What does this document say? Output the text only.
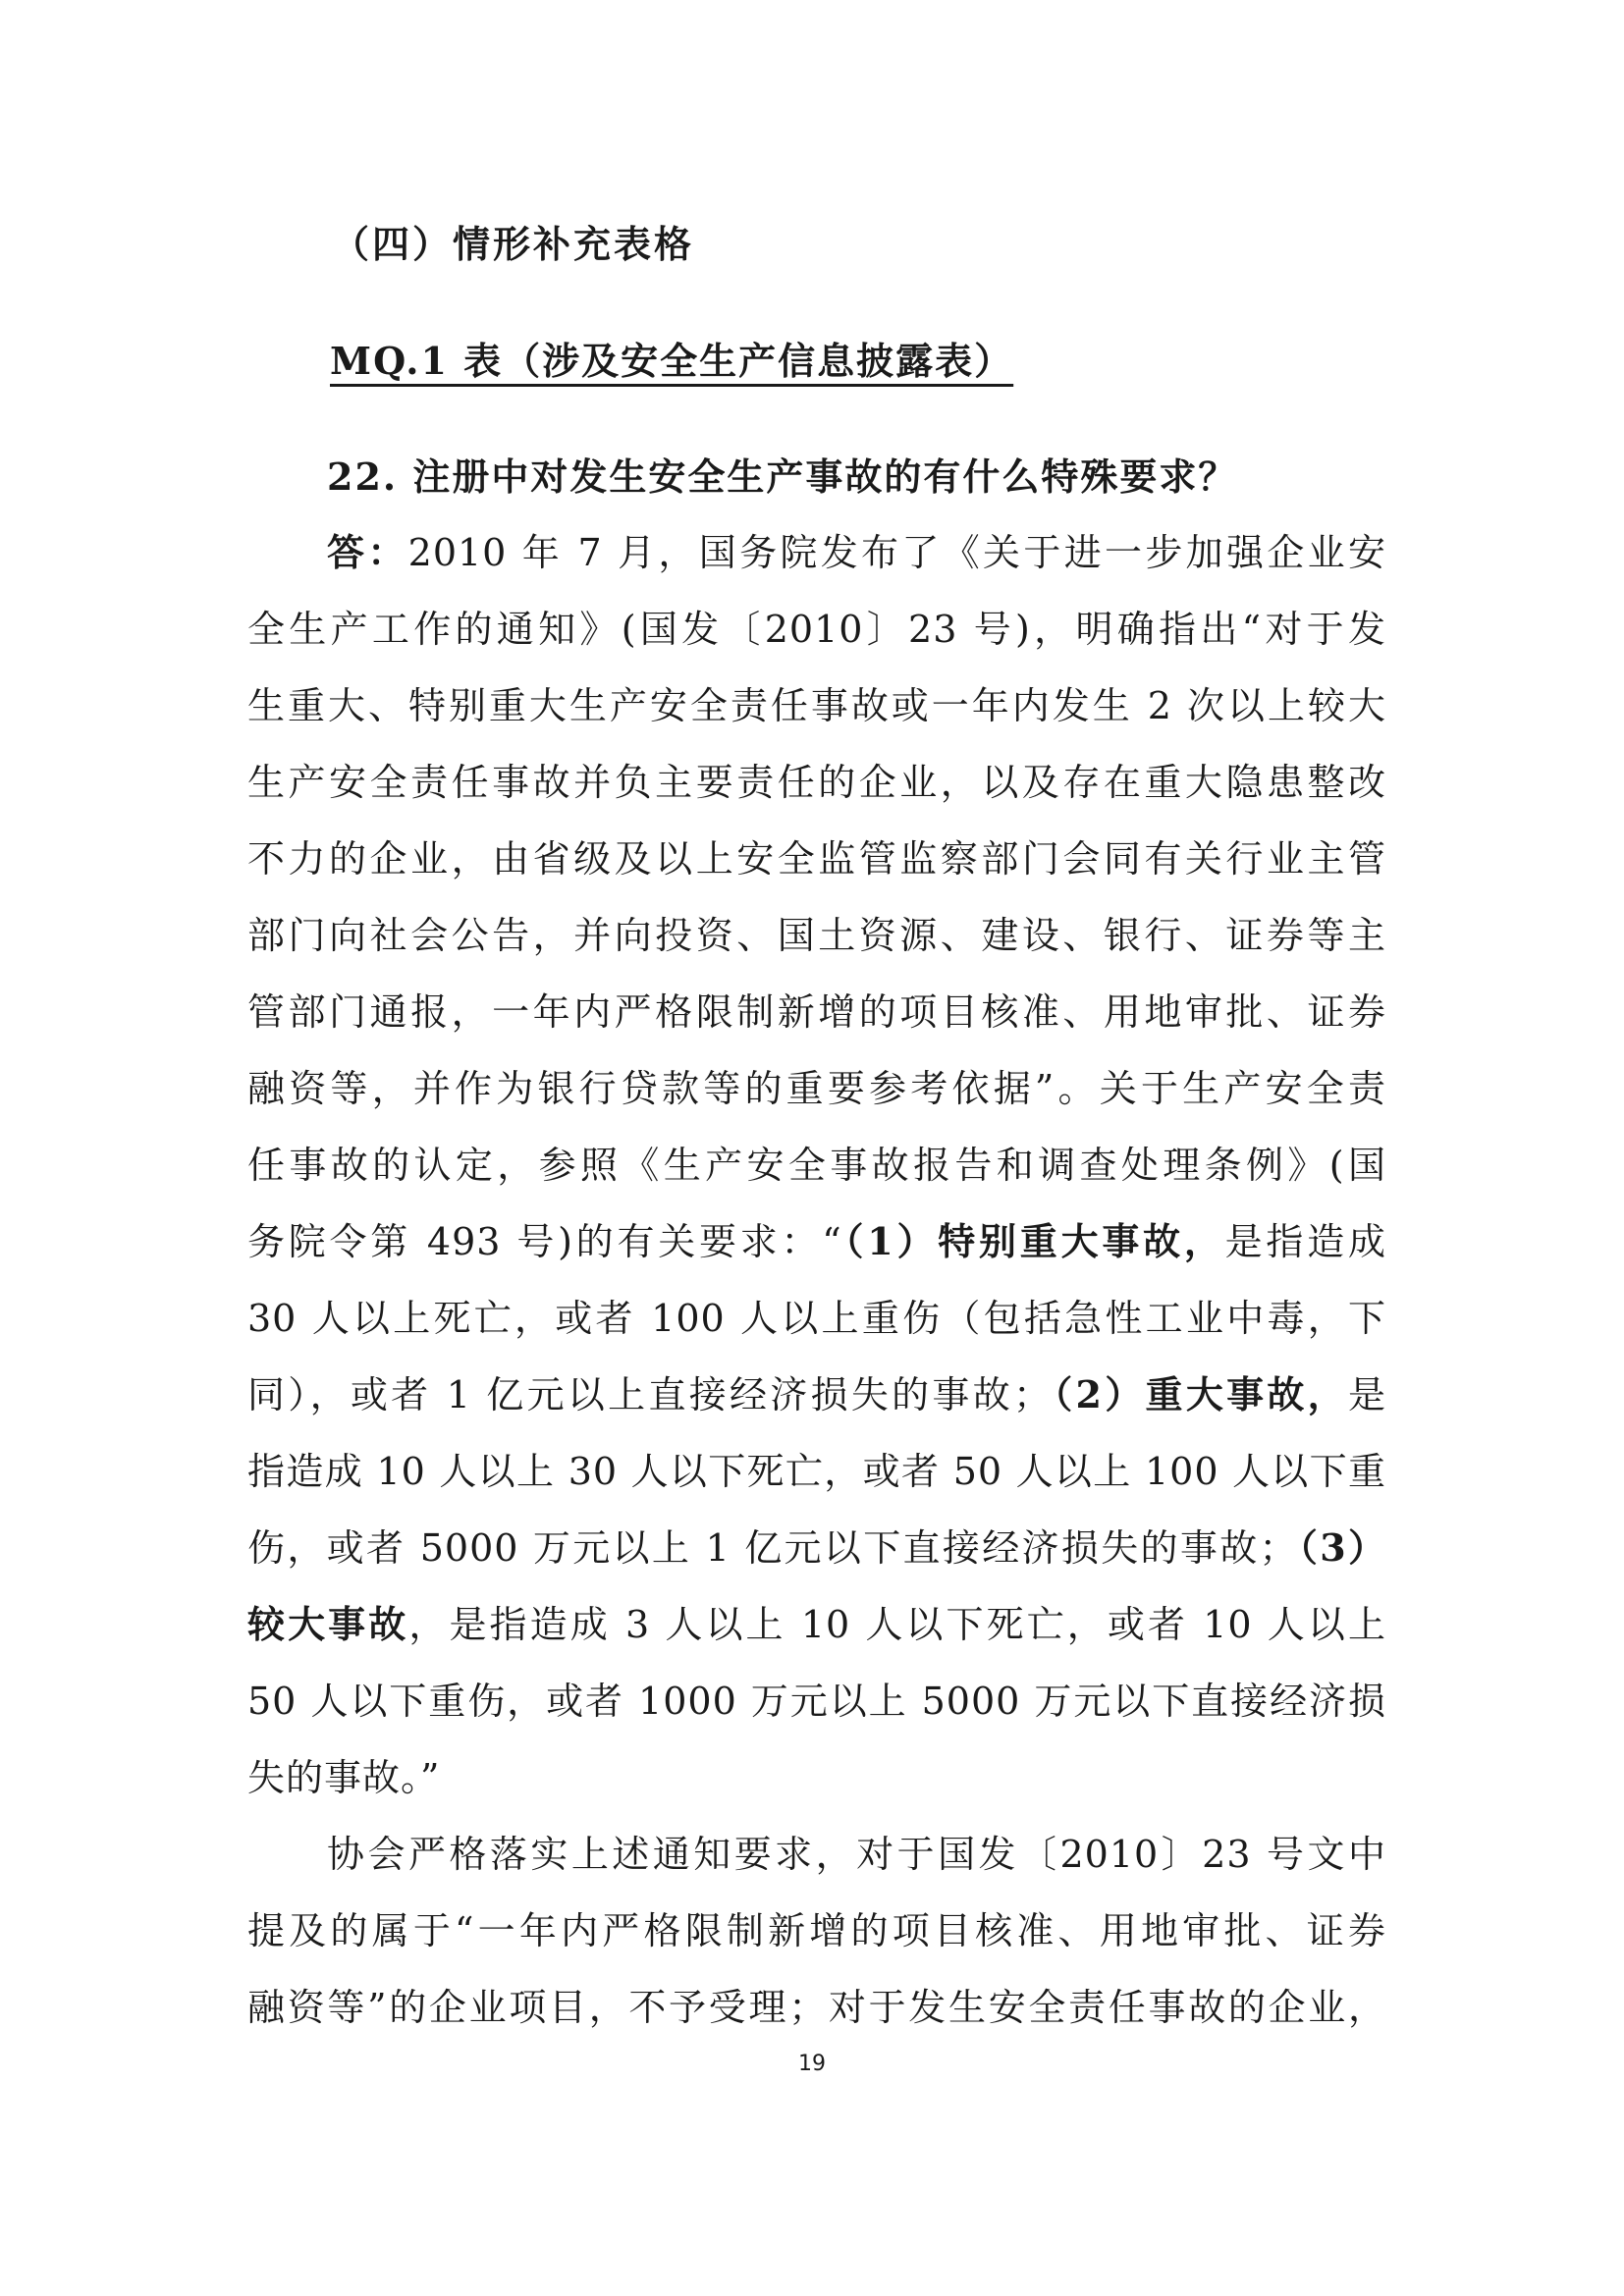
（四）情形补充表格
MQ.1 表（涉及安全生产信息披露表）
22. 注册中对发生安全生产事故的有什么特殊要求？
答：2010 年 7 月，国务院发布了《关于进一步加强企业安
全生产工作的通知》(国发〔2010〕23 号)，明确指出“对于发
生重大、特别重大生产安全责任事故或一年内发生 2 次以上较大
生产安全责任事故并负主要责任的企业，以及存在重大隐患整改
不力的企业，由省级及以上安全监管监察部门会同有关行业主管
部门向社会公告，并向投资、国土资源、建设、银行、证券等主
管部门通报，一年内严格限制新增的项目核准、用地审批、证券
融资等，并作为银行贷款等的重要参考依据”。关于生产安全责
任事故的认定，参照《生产安全事故报告和调查处理条例》(国
务院令第 493 号)的有关要求：“（1）特别重大事故，是指造成
30 人以上死亡，或者 100 人以上重伤（包括急性工业中毒，下
同），或者 1 亿元以上直接经济损失的事故；（2）重大事故，是
指造成 10 人以上 30 人以下死亡，或者 50 人以上 100 人以下重
伤，或者 5000 万元以上 1 亿元以下直接经济损失的事故；（3）
较大事故，是指造成 3 人以上 10 人以下死亡，或者 10 人以上
50 人以下重伤，或者 1000 万元以上 5000 万元以下直接经济损
失的事故。”
协会严格落实上述通知要求，对于国发〔2010〕23 号文中
提及的属于“一年内严格限制新增的项目核准、用地审批、证券
融资等”的企业项目，不予受理；对于发生安全责任事故的企业，
19
